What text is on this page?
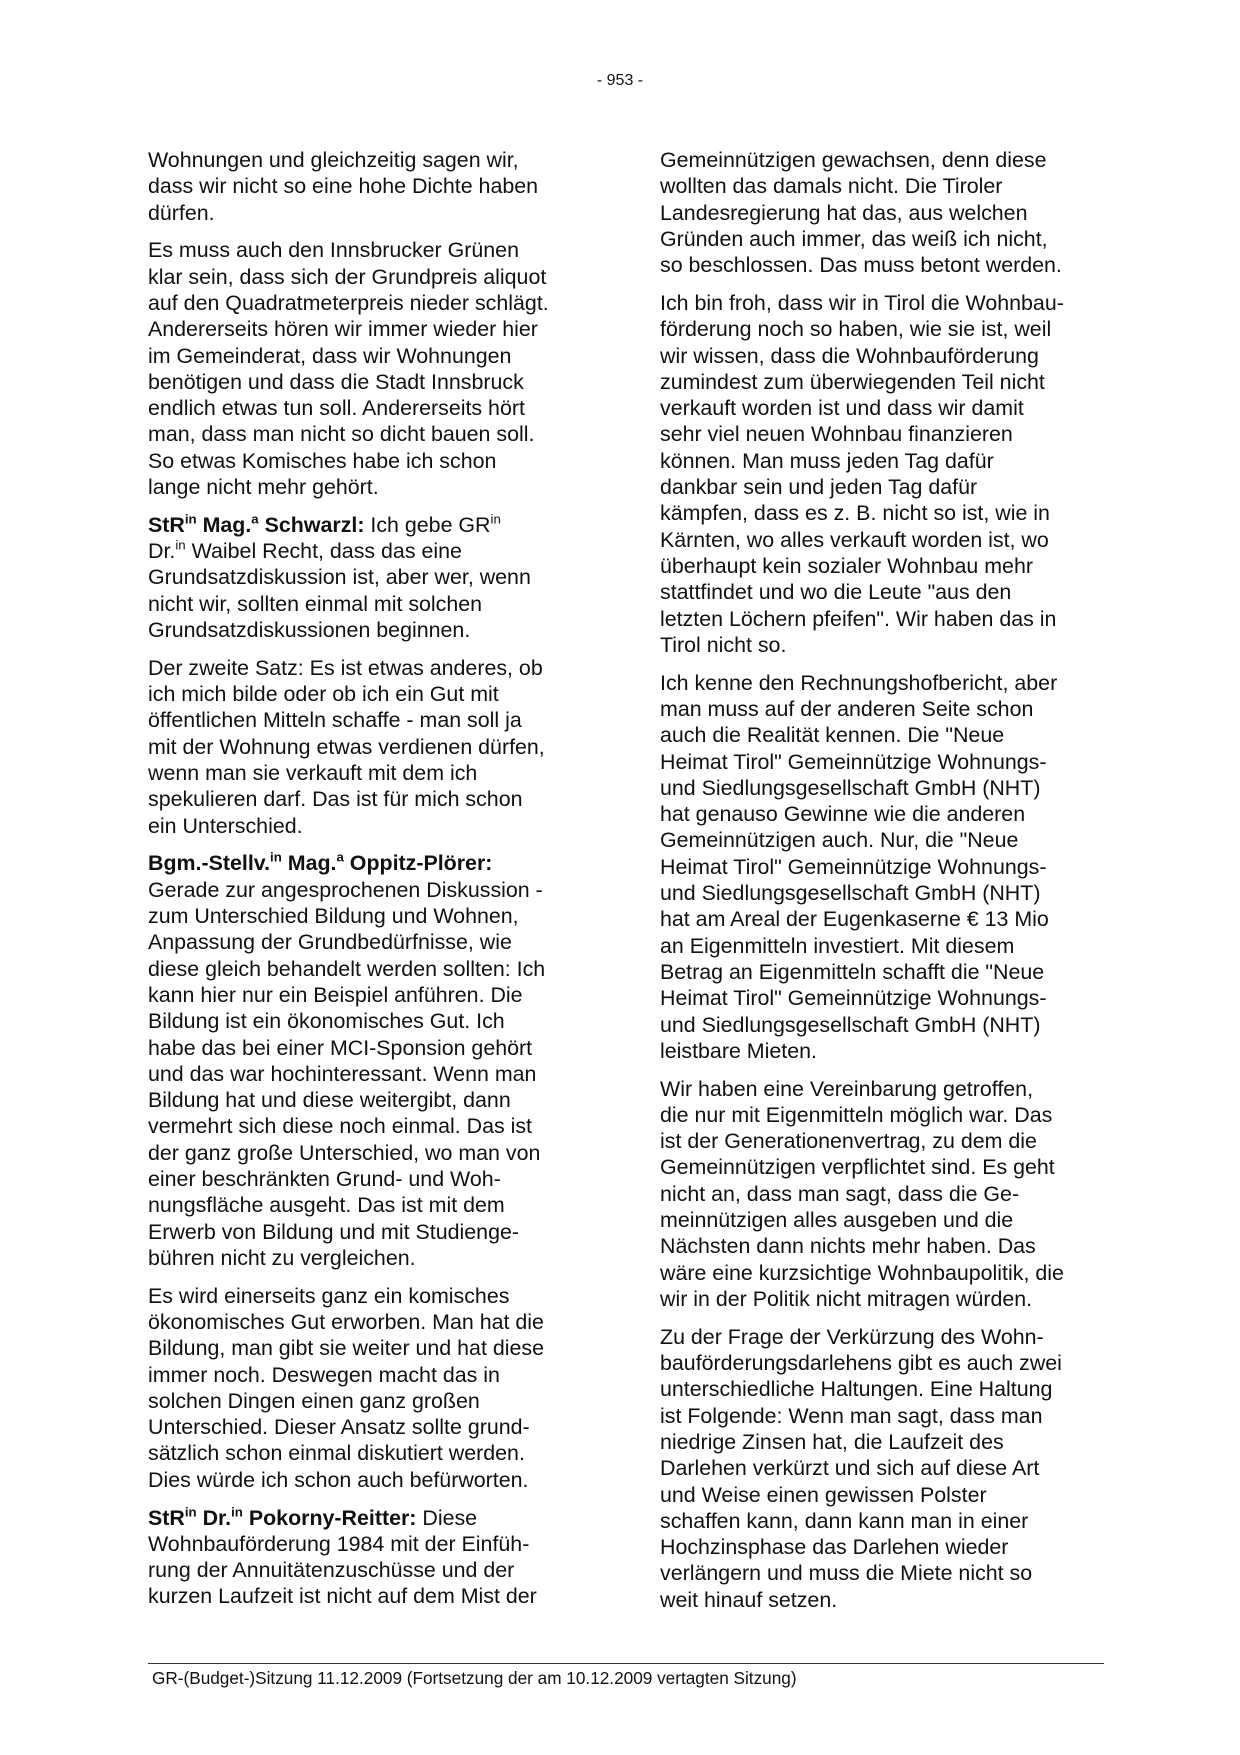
- 953 -

Wohnungen und gleichzeitig sagen wir,
dass wir nicht so eine hohe Dichte haben
dürfen.

Es muss auch den Innsbrucker Grünen
klar sein, dass sich der Grundpreis aliquot
auf den Quadratmeterpreis nieder schlägt.
Andererseits hören wir immer wieder hier
im Gemeinderat, dass wir Wohnungen
benötigen und dass die Stadt Innsbruck
endlich etwas tun soll. Andererseits hört
man, dass man nicht so dicht bauen soll.
So etwas Komisches habe ich schon
lange nicht mehr gehört.

StR$^{in}$ Mag.$^a$ Schwarzl: Ich gebe $GR^{in}$
Dr.$^{in}$ Waibel Recht, dass das eine
Grundsatzdiskussion ist, aber wer, wenn
nicht wir, sollten einmal mit solchen
Grundsatzdiskussionen beginnen.

Der zweite Satz: Es ist etwas anderes, ob
ich mich bilde oder ob ich ein Gut mit
öffentlichen Mitteln schaffe - man soll ja
mit der Wohnung etwas verdienen dürfen,
wenn man sie verkauft mit dem ich
spekulieren darf. Das ist für mich schon
ein Unterschied.

Bgm.-Stellv.$^{in}$ Mag.$^a$ Oppitz-Plörer:
Gerade zur angesprochenen Diskussion -
zum Unterschied Bildung und Wohnen,
Anpassung der Grundbedürfnisse, wie
diese gleich behandelt werden sollten: Ich
kann hier nur ein Beispiel anführen. Die
Bildung ist ein ökonomisches Gut. Ich
habe das bei einer MCI-Sponsion gehört
und das war hochinteressant. Wenn man
Bildung hat und diese weitergibt, dann
vermehrt sich diese noch einmal. Das ist
der ganz große Unterschied, wo man von
einer beschränkten Grund- und Woh-
nungsfläche ausgeht. Das ist mit dem
Erwerb von Bildung und mit Studienge-
bühren nicht zu vergleichen.

Es wird einerseits ganz ein komisches
ökonomisches Gut erworben. Man hat die
Bildung, man gibt sie weiter und hat diese
immer noch. Deswegen macht das in
solchen Dingen einen ganz großen
Unterschied. Dieser Ansatz sollte grund-
sätzlich schon einmal diskutiert werden.
Dies würde ich schon auch befürworten.

StR$^{in}$ Dr.$^{in}$ Pokorny-Reitter: Diese
Wohnbauförderung 1984 mit der Einfüh-
rung der Annuitätenzuschüsse und der
kurzen Laufzeit ist nicht auf dem Mist der

Gemeinnützigen gewachsen, denn diese
wollten das damals nicht. Die Tiroler
Landesregierung hat das, aus welchen
Gründen auch immer, das weiß ich nicht,
so beschlossen. Das muss betont werden.

Ich bin froh, dass wir in Tirol die Wohnbau-
förderung noch so haben, wie sie ist, weil
wir wissen, dass die Wohnbauförderung
zumindest zum überwiegenden Teil nicht
verkauft worden ist und dass wir damit
sehr viel neuen Wohnbau finanzieren
können. Man muss jeden Tag dafür
dankbar sein und jeden Tag dafür
kämpfen, dass es z. B. nicht so ist, wie in
Kärnten, wo alles verkauft worden ist, wo
überhaupt kein sozialer Wohnbau mehr
stattfindet und wo die Leute "aus den
letzten Löchern pfeifen". Wir haben das in
Tirol nicht so.

Ich kenne den Rechnungshofbericht, aber
man muss auf der anderen Seite schon
auch die Realität kennen. Die "Neue
Heimat Tirol" Gemeinnützige Wohnungs-
und Siedlungsgesellschaft GmbH (NHT)
hat genauso Gewinne wie die anderen
Gemeinnützigen auch. Nur, die "Neue
Heimat Tirol" Gemeinnützige Wohnungs-
und Siedlungsgesellschaft GmbH (NHT)
hat am Areal der Eugenkaserne € 13 Mio
an Eigenmitteln investiert. Mit diesem
Betrag an Eigenmitteln schafft die "Neue
Heimat Tirol" Gemeinnützige Wohnungs-
und Siedlungsgesellschaft GmbH (NHT)
leistbare Mieten.

Wir haben eine Vereinbarung getroffen,
die nur mit Eigenmitteln möglich war. Das
ist der Generationenvertrag, zu dem die
Gemeinnützigen verpflichtet sind. Es geht
nicht an, dass man sagt, dass die Ge-
meinnützigen alles ausgeben und die
Nächsten dann nichts mehr haben. Das
wäre eine kurzsichtige Wohnbaupolitik, die
wir in der Politik nicht mitragen würden.

Zu der Frage der Verkürzung des Wohn-
bauförderungsdarlehens gibt es auch zwei
unterschiedliche Haltungen. Eine Haltung
ist Folgende: Wenn man sagt, dass man
niedrige Zinsen hat, die Laufzeit des
Darlehen verkürzt und sich auf diese Art
und Weise einen gewissen Polster
schaffen kann, dann kann man in einer
Hochzinsphase das Darlehen wieder
verlängern und muss die Miete nicht so
weit hinauf setzen.

GR-(Budget-)Sitzung 11.12.2009 (Fortsetzung der am 10.12.2009 vertagten Sitzung)
